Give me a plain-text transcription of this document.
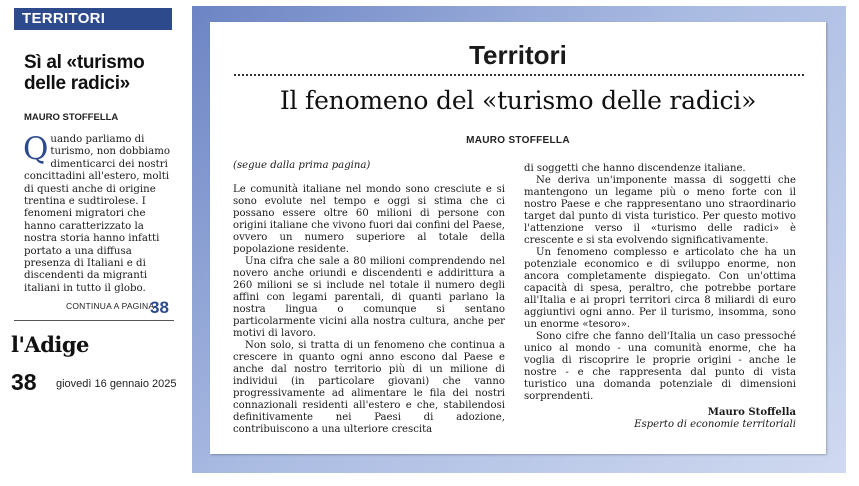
TERRITORI
Sì al «turismo delle radici»
MAURO STOFFELLA
Quando parliamo di turismo, non dobbiamo dimenticarci dei nostri concittadini all'estero, molti di questi anche di origine trentina e sudtirolese. I fenomeni migratori che hanno caratterizzato la nostra storia hanno infatti portato a una diffusa presenza di Italiani e di discendenti da migranti italiani in tutto il globo.
CONTINUA A PAGINA
38
l'Adige
38 giovedì 16 gennaio 2025
Territori
Il fenomeno del «turismo delle radici»
MAURO STOFFELLA

(segue dalla prima pagina)

Le comunità italiane nel mondo sono cresciute e si sono evolute nel tempo e oggi si stima che ci possano essere oltre 60 milioni di persone con origini italiane che vivono fuori dai confini del Paese, ovvero un numero superiore al totale della popolazione residente.

Una cifra che sale a 80 milioni comprendendo nel novero anche oriundi e discendenti e addirittura a 260 milioni se si include nel totale il numero degli affini con legami parentali, di quanti parlano la nostra lingua o comunque si sentano particolarmente vicini alla nostra cultura, anche per motivi di lavoro.

Non solo, si tratta di un fenomeno che continua a crescere in quanto ogni anno escono dal Paese e anche dal nostro territorio più di un milione di individui (in particolare giovani) che vanno progressivamente ad alimentare le fila dei nostri connazionali residenti all'estero e che, stabilendosi definitivamente nei Paesi di adozione, contribuiscono a una ulteriore crescita

di soggetti che hanno discendenze italiane.

Ne deriva un'imponente massa di soggetti che mantengono un legame più o meno forte con il nostro Paese e che rappresentano uno straordinario target dal punto di vista turistico. Per questo motivo l'attenzione verso il «turismo delle radici» è crescente e si sta evolvendo significativamente.

Un fenomeno complesso e articolato che ha un potenziale economico e di sviluppo enorme, non ancora completamente dispiegato. Con un'ottima capacità di spesa, peraltro, che potrebbe portare all'Italia e ai propri territori circa 8 miliardi di euro aggiuntivi ogni anno. Per il turismo, insomma, sono un enorme «tesoro».

Sono cifre che fanno dell'Italia un caso pressoché unico al mondo - una comunità enorme, che ha voglia di riscoprire le proprie origini - anche le nostre - e che rappresenta dal punto di vista turistico una domanda potenziale di dimensioni sorprendenti.

Mauro Stoffella
Esperto di economie territoriali
